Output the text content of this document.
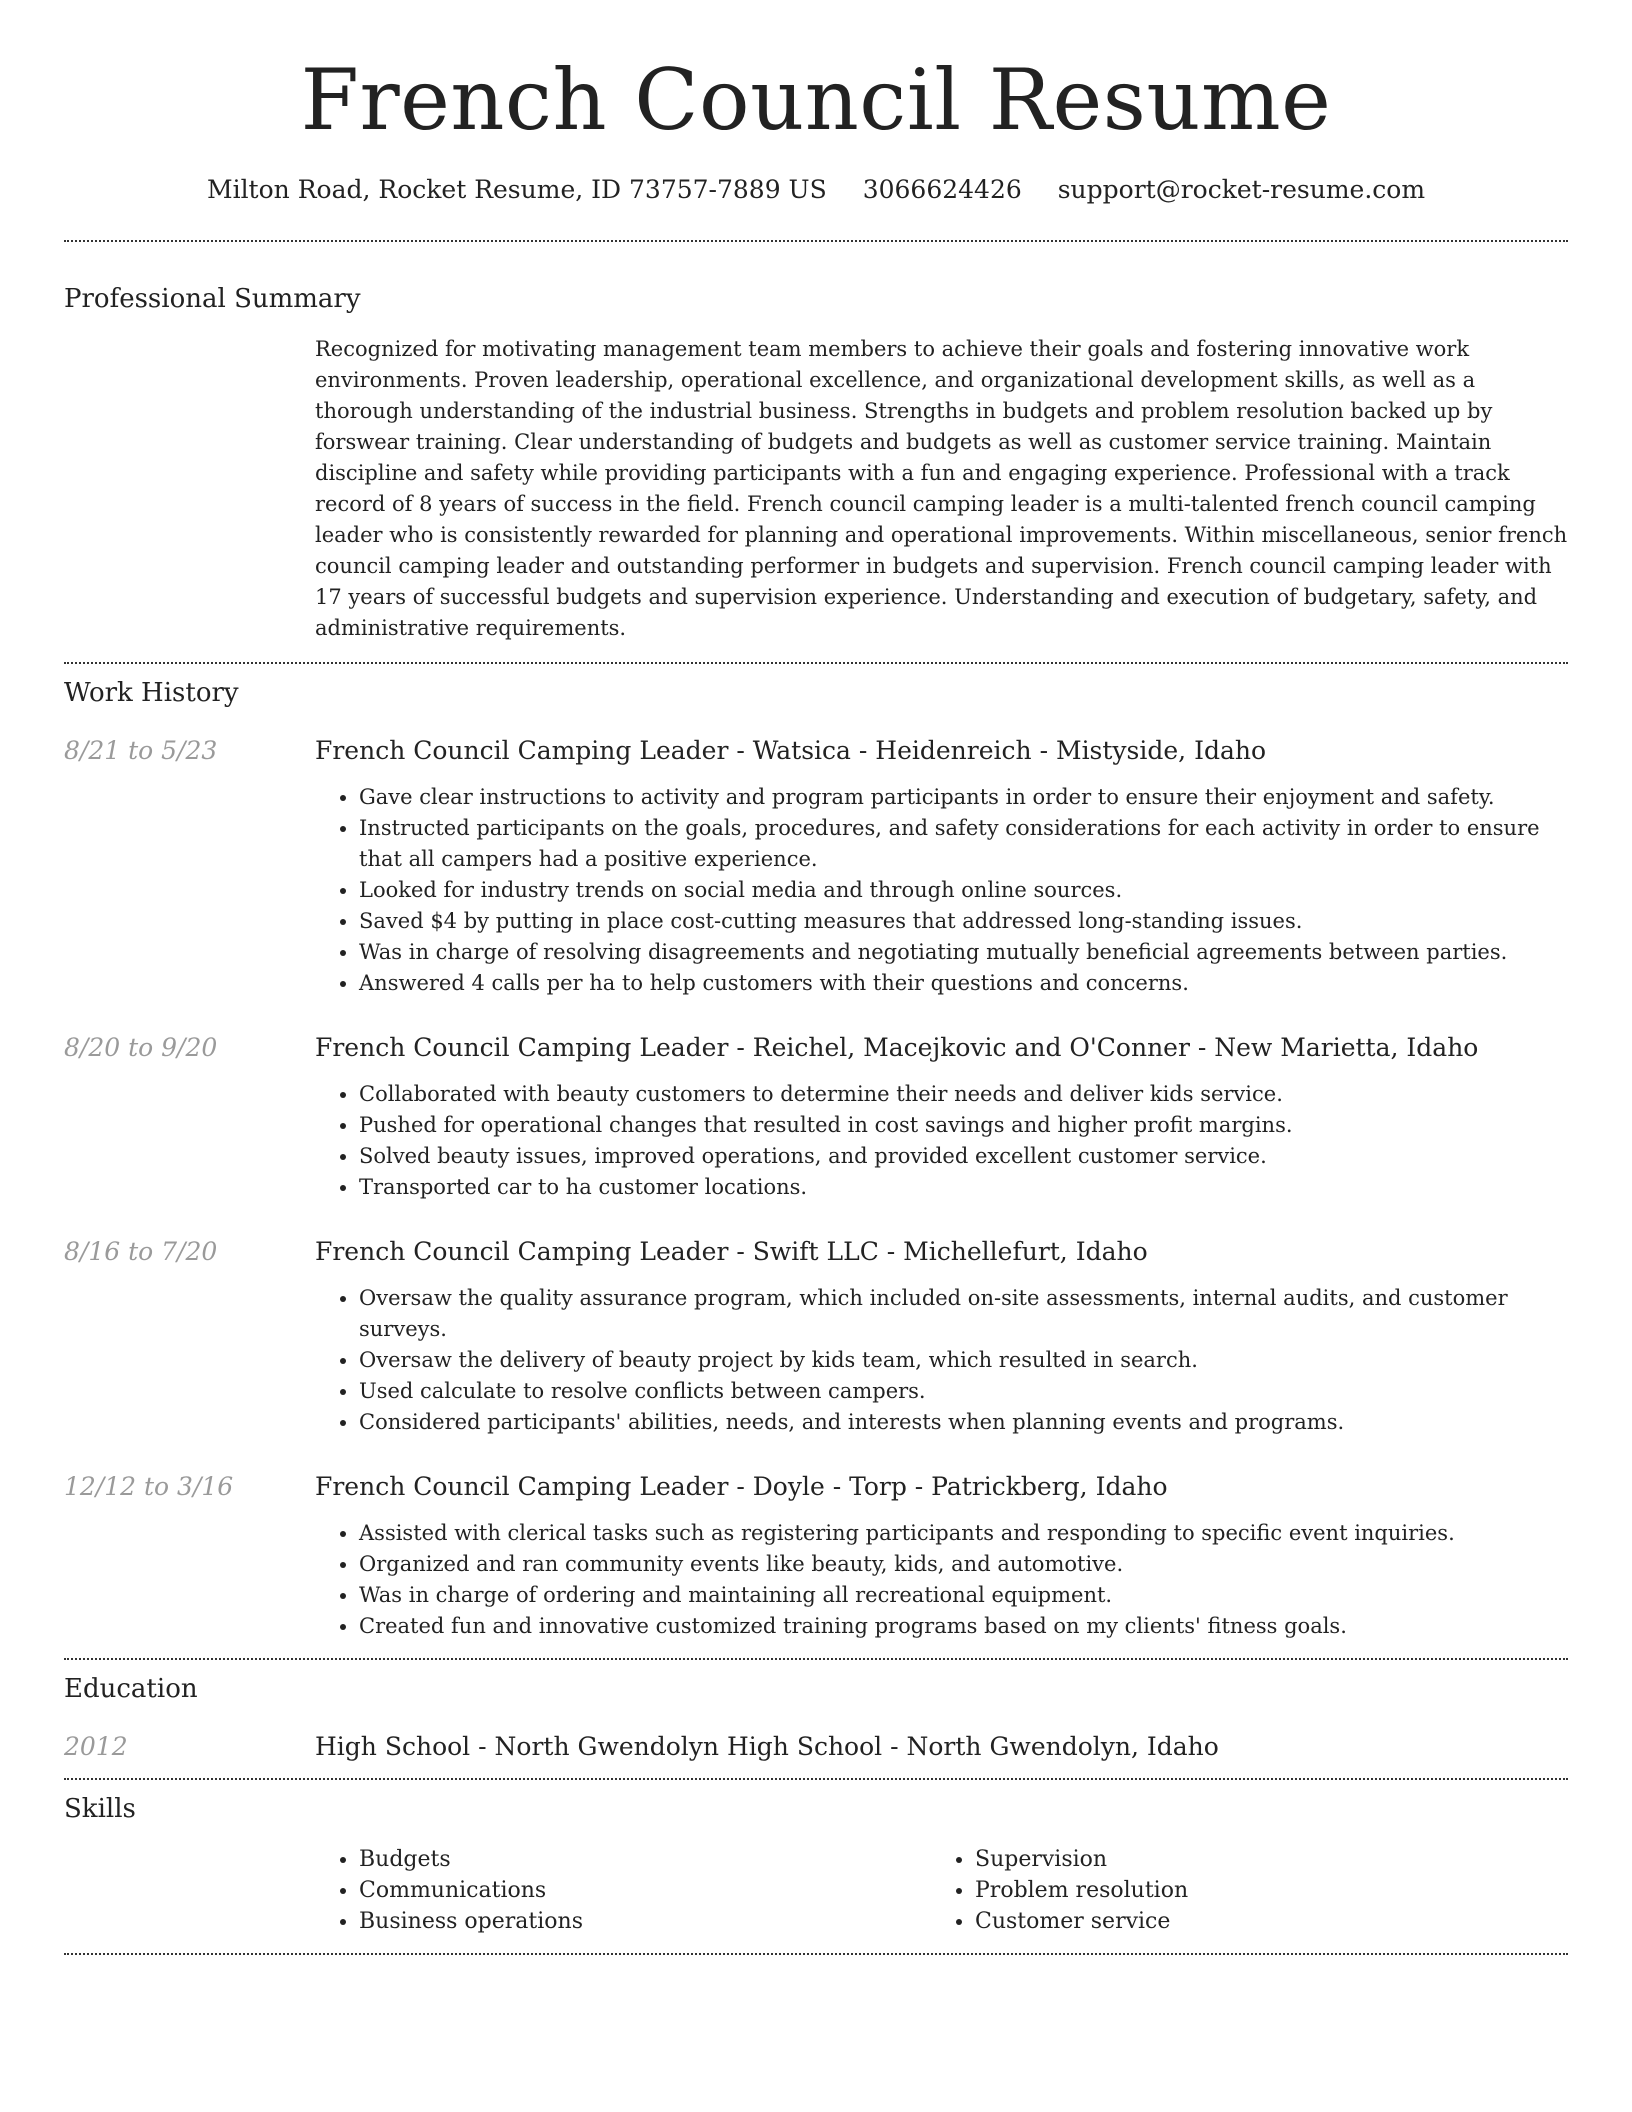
French Council Resume
Milton Road, Rocket Resume, ID 73757-7889 US 3066624426 support@rocket-resume.com
Professional Summary

Recognized for motivating management team members to achieve their goals and fostering innovative work environments. Proven leadership, operational excellence, and organizational development skills, as well as a thorough understanding of the industrial business. Strengths in budgets and problem resolution backed up by forswear training. Clear understanding of budgets and budgets as well as customer service training. Maintain discipline and safety while providing participants with a fun and engaging experience. Professional with a track record of 8 years of success in the field. French council camping leader is a multi-talented french council camping leader who is consistently rewarded for planning and operational improvements. Within miscellaneous, senior french council camping leader and outstanding performer in budgets and supervision. French council camping leader with 17 years of successful budgets and supervision experience. Understanding and execution of budgetary, safety, and administrative requirements.

Work History
8/21 to 5/23	French Council Camping Leader - Watsica - Heidenreich - Mistyside, Idaho
• Gave clear instructions to activity and program participants in order to ensure their enjoyment and safety.
• Instructed participants on the goals, procedures, and safety considerations for each activity in order to ensure that all campers had a positive experience.
• Looked for industry trends on social media and through online sources.
• Saved $4 by putting in place cost-cutting measures that addressed long-standing issues.
• Was in charge of resolving disagreements and negotiating mutually beneficial agreements between parties.
• Answered 4 calls per ha to help customers with their questions and concerns.
8/20 to 9/20	French Council Camping Leader - Reichel, Macejkovic and O'Conner - New Marietta, Idaho
• Collaborated with beauty customers to determine their needs and deliver kids service.
• Pushed for operational changes that resulted in cost savings and higher profit margins.
• Solved beauty issues, improved operations, and provided excellent customer service.
• Transported car to ha customer locations.
8/16 to 7/20	French Council Camping Leader - Swift LLC - Michellefurt, Idaho
• Oversaw the quality assurance program, which included on-site assessments, internal audits, and customer surveys.
• Oversaw the delivery of beauty project by kids team, which resulted in search.
• Used calculate to resolve conflicts between campers.
• Considered participants' abilities, needs, and interests when planning events and programs.
12/12 to 3/16	French Council Camping Leader - Doyle - Torp - Patrickberg, Idaho
• Assisted with clerical tasks such as registering participants and responding to specific event inquiries.
• Organized and ran community events like beauty, kids, and automotive.
• Was in charge of ordering and maintaining all recreational equipment.
• Created fun and innovative customized training programs based on my clients' fitness goals.
Education
2012	High School - North Gwendolyn High School - North Gwendolyn, Idaho
Skills
• Budgets
• Communications
• Business operations
• Supervision
• Problem resolution
• Customer service
